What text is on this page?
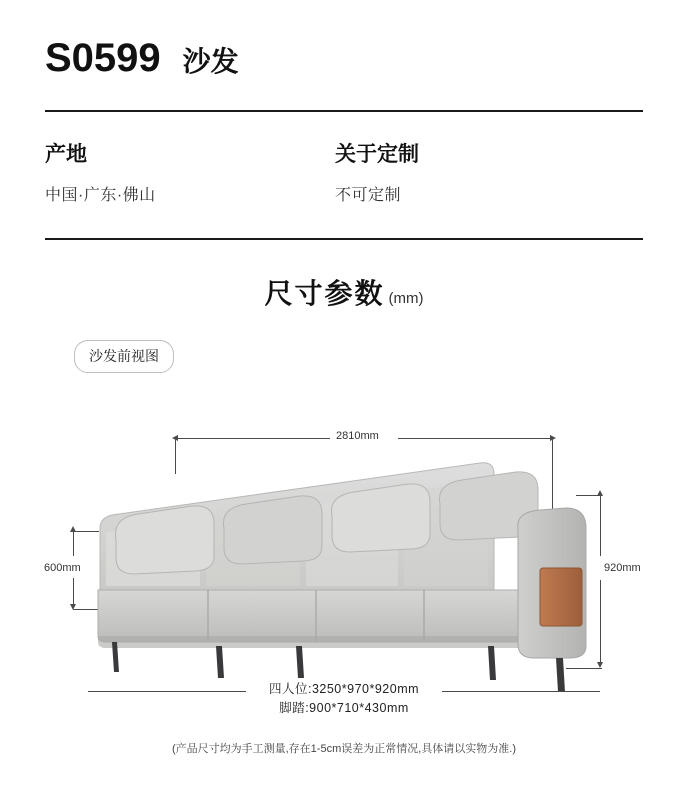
S0599 沙发
产地
中国·广东·佛山
关于定制
不可定制
尺寸参数 (mm)
沙发前视图
2810mm
600mm	920mm
四人位:3250*970*920mm
脚踏:900*710*430mm
(产品尺寸均为手工测量,存在1-5cm误差为正常情况,具体请以实物为准.)
